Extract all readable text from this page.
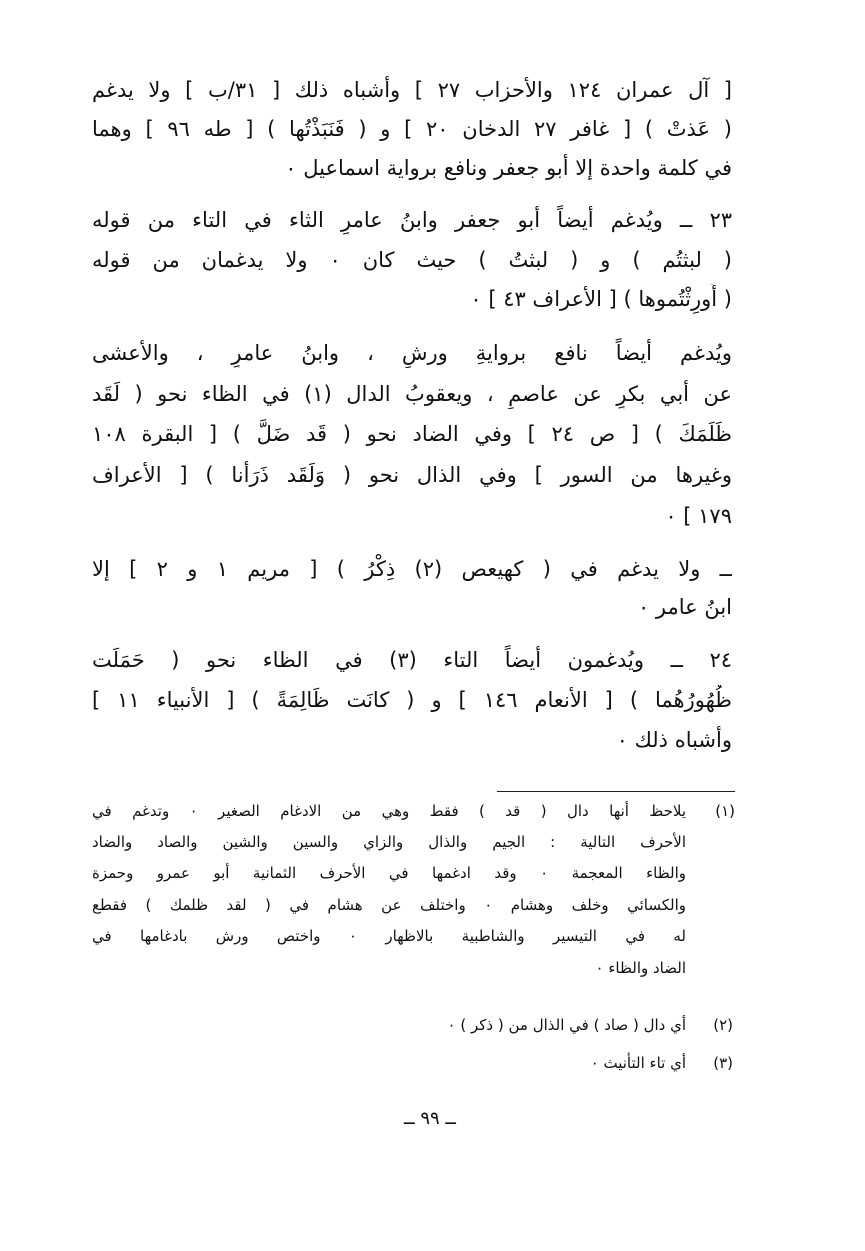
[ آل عمران ١٢٤ والأحزاب ٢٧ ] وأشباه ذلك [ ٣١/ب ] ولا يدغم
( عَذتْ ) [ غافر ٢٧ الدخان ٢٠ ] و ( فَنَبَذْتُها ) [ طه ٩٦ ] وهما
في كلمة واحدة إلا أبو جعفر ونافع برواية اسماعيل ٠
٢٣ ــ ويُدغم أيضاً أبو جعفر وابنُ عامرٍ الثاء في التاء من قوله
( لبثتُم ) و ( لبثتُ ) حيث كان ٠ ولا يدغمان من قوله
( أُورِثْتُموها ) [ الأعراف ٤٣ ] ٠
ويُدغم أيضاً نافع بروايةِ ورشٍ ، وابنُ عامرٍ ، والأعشى
عن أبي بكرٍ عن عاصمٍ ، ويعقوبُ الدال (١) في الظاء نحو ( لَقَد
ظَلَمَكَ ) [ ص ٢٤ ] وفي الضاد نحو ( قَد ضَلَّ ) [ البقرة ١٠٨
وغيرها من السور ] وفي الذال نحو ( وَلَقَد ذَرَأنا ) [ الأعراف
١٧٩ ] ٠
ــ ولا يدغم في ( كهيعص (٢) ذِكْرُ ) [ مريم ١ و ٢ ] إلا
ابنُ عامر ٠
٢٤ ــ ويُدغمون أيضاً التاء (٣) في الظاء نحو ( حَمَلَت
ظُهُورُهُما ) [ الأنعام ١٤٦ ] و ( كانَت ظَالِمَةً ) [ الأنبياء ١١ ]
وأشباه ذلك ٠
(١)
يلاحظ أنها دال ( قد ) فقط وهي من الادغام الصغير ٠ وتدغم في
الأحرف التالية : الجيم والذال والزاي والسين والشين والصاد والضاد
والظاء المعجمة ٠ وقد ادغمها في الأحرف الثمانية أبو عمرو وحمزة
والكسائي وخلف وهشام ٠ واختلف عن هشام في ( لقد ظلمك ) فقطع
له في التيسير والشاطبية بالاظهار ٠ واختص ورش بادغامها في
الضاد والظاء ٠
(٢)
أي دال ( صاد ) في الذال من ( ذكر ) ٠
(٣)
أي تاء التأنيث ٠
ــ ٩٩ ــ
